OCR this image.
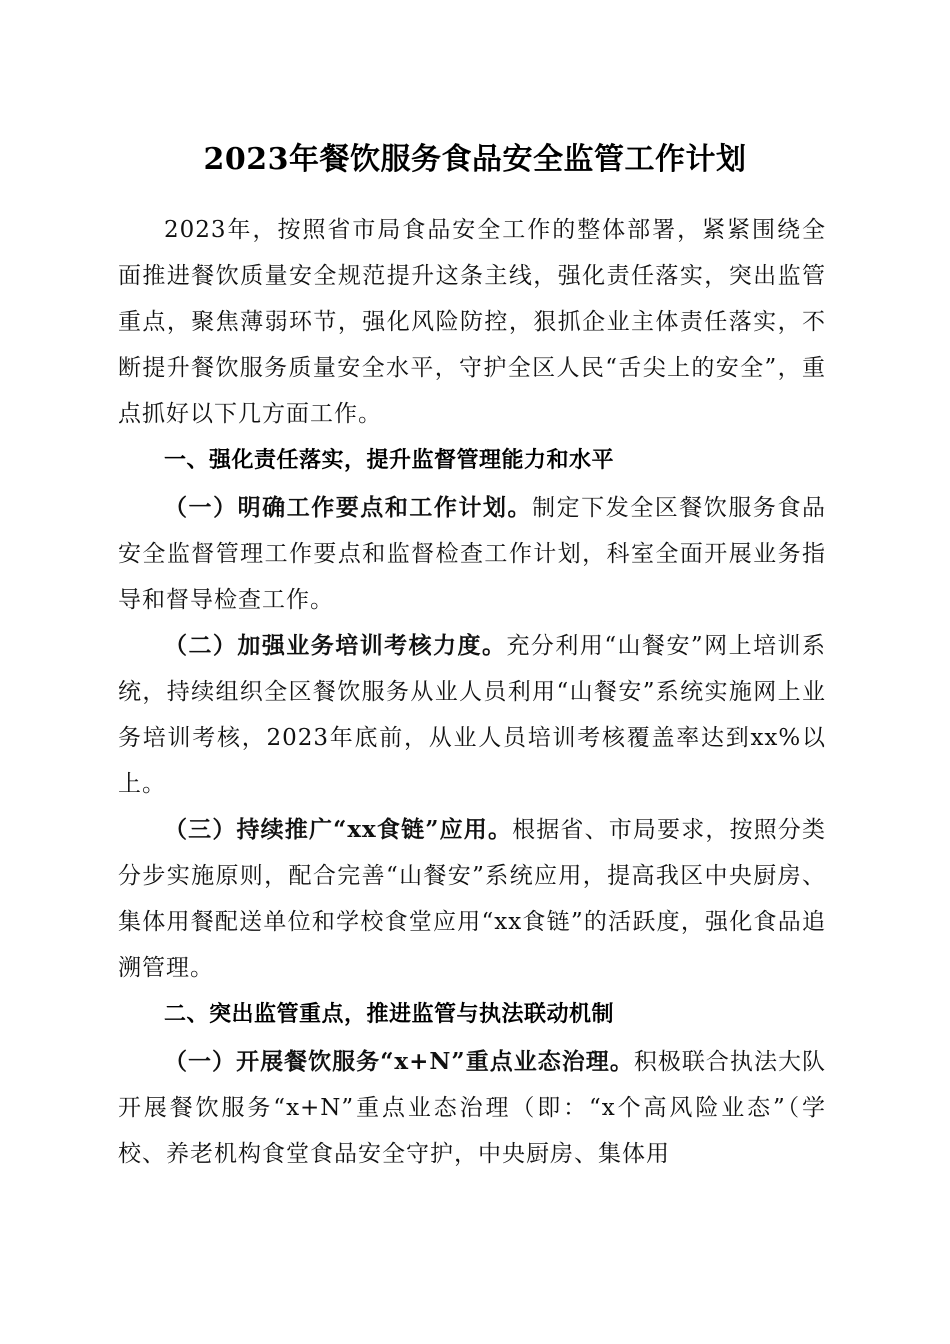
2023年餐饮服务食品安全监管工作计划

2023年，按照省市局食品安全工作的整体部署，紧紧围绕全面推进餐饮质量安全规范提升这条主线，强化责任落实，突出监管重点，聚焦薄弱环节，强化风险防控，狠抓企业主体责任落实，不断提升餐饮服务质量安全水平，守护全区人民“舌尖上的安全”，重点抓好以下几方面工作。

一、强化责任落实，提升监督管理能力和水平

（一）明确工作要点和工作计划。制定下发全区餐饮服务食品安全监督管理工作要点和监督检查工作计划，科室全面开展业务指导和督导检查工作。

（二）加强业务培训考核力度。充分利用“山餐安”网上培训系统，持续组织全区餐饮服务从业人员利用“山餐安”系统实施网上业务培训考核，2023年底前，从业人员培训考核覆盖率达到xx%以上。

（三）持续推广“xx食链”应用。根据省、市局要求，按照分类分步实施原则，配合完善“山餐安”系统应用，提高我区中央厨房、集体用餐配送单位和学校食堂应用“xx食链”的活跃度，强化食品追溯管理。

二、突出监管重点，推进监管与执法联动机制

（一）开展餐饮服务“x+N”重点业态治理。积极联合执法大队开展餐饮服务“x+N”重点业态治理（即：“x个高风险业态”（学校、养老机构食堂食品安全守护，中央厨房、集体用
